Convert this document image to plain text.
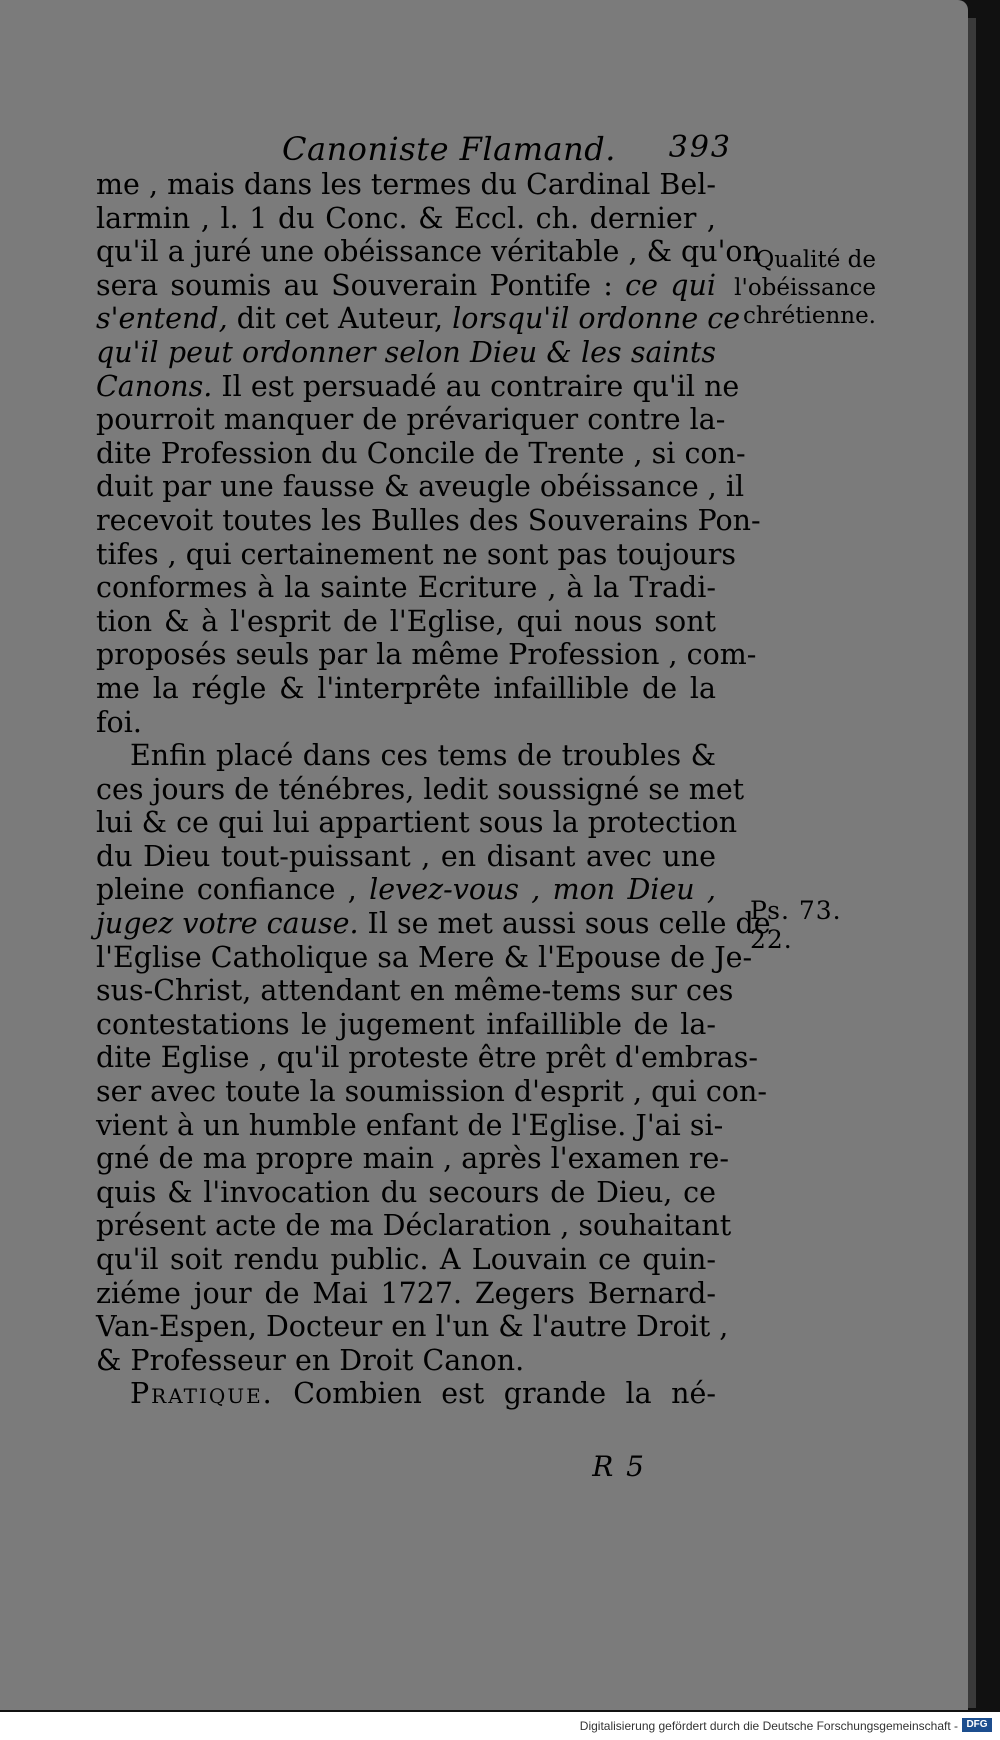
Canoniste Flamand. 393
me , mais dans les termes du Cardinal Bel-
larmin , l. 1 du Conc. & Eccl. ch. dernier ,
qu'il a juré une obéissance véritable , & qu'on
sera soumis au Souverain Pontife : ce qui
s'entend, dit cet Auteur, lorsqu'il ordonne ce
qu'il peut ordonner selon Dieu & les saints
Canons. Il est persuadé au contraire qu'il ne
pourroit manquer de prévariquer contre la-
dite Profession du Concile de Trente , si con-
duit par une fausse & aveugle obéissance , il
recevoit toutes les Bulles des Souverains Pon-
tifes , qui certainement ne sont pas toujours
conformes à la sainte Ecriture , à la Tradi-
tion & à l'esprit de l'Eglise, qui nous sont
proposés seuls par la même Profession , com-
me la régle & l'interprête infaillible de la
foi.
Enfin placé dans ces tems de troubles &
ces jours de ténébres, ledit soussigné se met
lui & ce qui lui appartient sous la protection
du Dieu tout-puissant , en disant avec une
pleine confiance , levez-vous , mon Dieu ,
jugez votre cause. Il se met aussi sous celle de
l'Eglise Catholique sa Mere & l'Epouse de Je-
sus-Christ, attendant en même-tems sur ces
contestations le jugement infaillible de la-
dite Eglise , qu'il proteste être prêt d'embras-
ser avec toute la soumission d'esprit , qui con-
vient à un humble enfant de l'Eglise. J'ai si-
gné de ma propre main , après l'examen re-
quis & l'invocation du secours de Dieu, ce
présent acte de ma Déclaration , souhaitant
qu'il soit rendu public. A Louvain ce quin-
ziéme jour de Mai 1727. Zegers Bernard-
Van-Espen, Docteur en l'un & l'autre Droit ,
& Professeur en Droit Canon.
Pratique. Combien est grande la né-
Qualité de
l'obéissance
chrétienne.
Ps. 73. 22.
R 5
Digitalisierung gefördert durch die Deutsche Forschungsgemeinschaft - DFG
